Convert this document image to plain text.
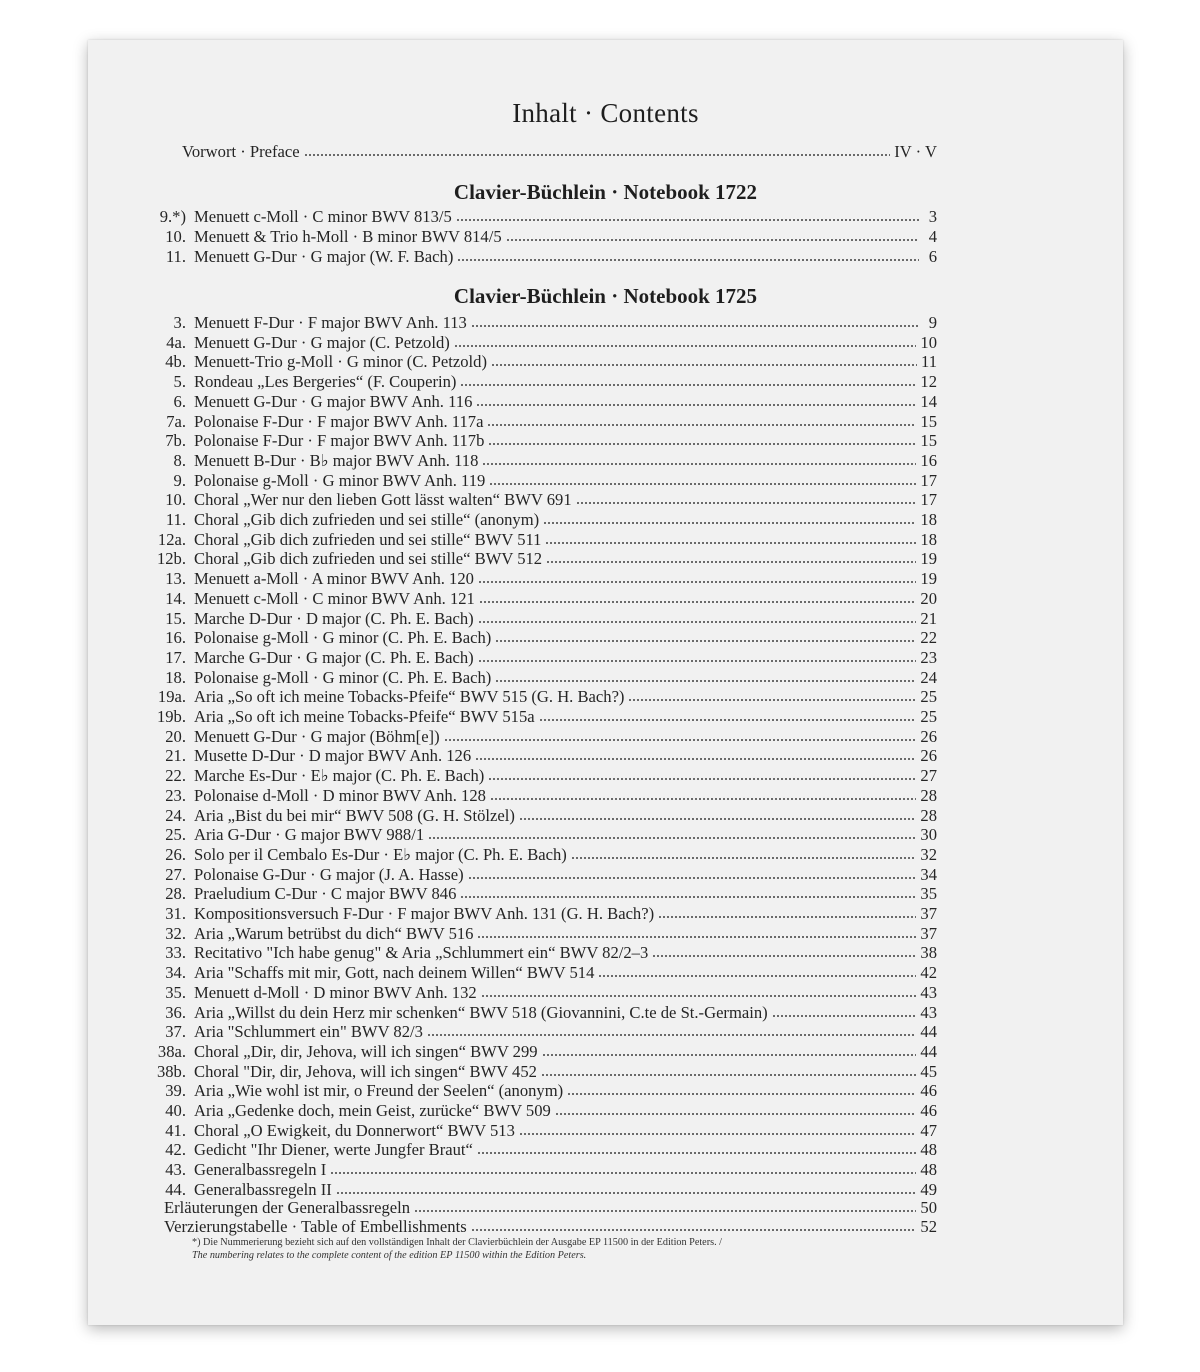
Inhalt · Contents
Vorwort · Preface	IV · V
Clavier-Büchlein · Notebook 1722
9.*) Menuett c-Moll · C minor BWV 813/5	3
10. Menuett & Trio h-Moll · B minor BWV 814/5	4
11. Menuett G-Dur · G major (W. F. Bach)	6
Clavier-Büchlein · Notebook 1725
3. Menuett F-Dur · F major BWV Anh. 113	9
4a. Menuett G-Dur · G major (C. Petzold)	10
4b. Menuett-Trio g-Moll · G minor (C. Petzold)	11
5. Rondeau „Les Bergeries“ (F. Couperin)	12
6. Menuett G-Dur · G major BWV Anh. 116	14
7a. Polonaise F-Dur · F major BWV Anh. 117a	15
7b. Polonaise F-Dur · F major BWV Anh. 117b	15
8. Menuett B-Dur · B♭ major BWV Anh. 118	16
9. Polonaise g-Moll · G minor BWV Anh. 119	17
10. Choral „Wer nur den lieben Gott lässt walten“ BWV 691	17
11. Choral „Gib dich zufrieden und sei stille“ (anonym)	18
12a. Choral „Gib dich zufrieden und sei stille“ BWV 511	18
12b. Choral „Gib dich zufrieden und sei stille“ BWV 512	19
13. Menuett a-Moll · A minor BWV Anh. 120	19
14. Menuett c-Moll · C minor BWV Anh. 121	20
15. Marche D-Dur · D major (C. Ph. E. Bach)	21
16. Polonaise g-Moll · G minor (C. Ph. E. Bach)	22
17. Marche G-Dur · G major (C. Ph. E. Bach)	23
18. Polonaise g-Moll · G minor (C. Ph. E. Bach)	24
19a. Aria „So oft ich meine Tobacks-Pfeife“ BWV 515 (G. H. Bach?)	25
19b. Aria „So oft ich meine Tobacks-Pfeife“ BWV 515a	25
20. Menuett G-Dur · G major (Böhm[e])	26
21. Musette D-Dur · D major BWV Anh. 126	26
22. Marche Es-Dur · E♭ major (C. Ph. E. Bach)	27
23. Polonaise d-Moll · D minor BWV Anh. 128	28
24. Aria „Bist du bei mir“ BWV 508 (G. H. Stölzel)	28
25. Aria G-Dur · G major BWV 988/1	30
26. Solo per il Cembalo Es-Dur · E♭ major (C. Ph. E. Bach)	32
27. Polonaise G-Dur · G major (J. A. Hasse)	34
28. Praeludium C-Dur · C major BWV 846	35
31. Kompositionsversuch F-Dur · F major BWV Anh. 131 (G. H. Bach?)	37
32. Aria „Warum betrübst du dich“ BWV 516	37
33. Recitativo "Ich habe genug" & Aria „Schlummert ein“ BWV 82/2–3	38
34. Aria "Schaffs mit mir, Gott, nach deinem Willen“ BWV 514	42
35. Menuett d-Moll · D minor BWV Anh. 132	43
36. Aria „Willst du dein Herz mir schenken“ BWV 518 (Giovannini, C.te de St.-Germain)	43
37. Aria "Schlummert ein" BWV 82/3	44
38a. Choral „Dir, dir, Jehova, will ich singen“ BWV 299	44
38b. Choral "Dir, dir, Jehova, will ich singen“ BWV 452	45
39. Aria „Wie wohl ist mir, o Freund der Seelen“ (anonym)	46
40. Aria „Gedenke doch, mein Geist, zurücke“ BWV 509	46
41. Choral „O Ewigkeit, du Donnerwort“ BWV 513	47
42. Gedicht "Ihr Diener, werte Jungfer Braut“	48
43. Generalbassregeln I	48
44. Generalbassregeln II	49
Erläuterungen der Generalbassregeln	50
Verzierungstabelle · Table of Embellishments	52
*) Die Nummerierung bezieht sich auf den vollständigen Inhalt der Clavierbüchlein der Ausgabe EP 11500 in der Edition Peters. /
The numbering relates to the complete content of the edition EP 11500 within the Edition Peters.
